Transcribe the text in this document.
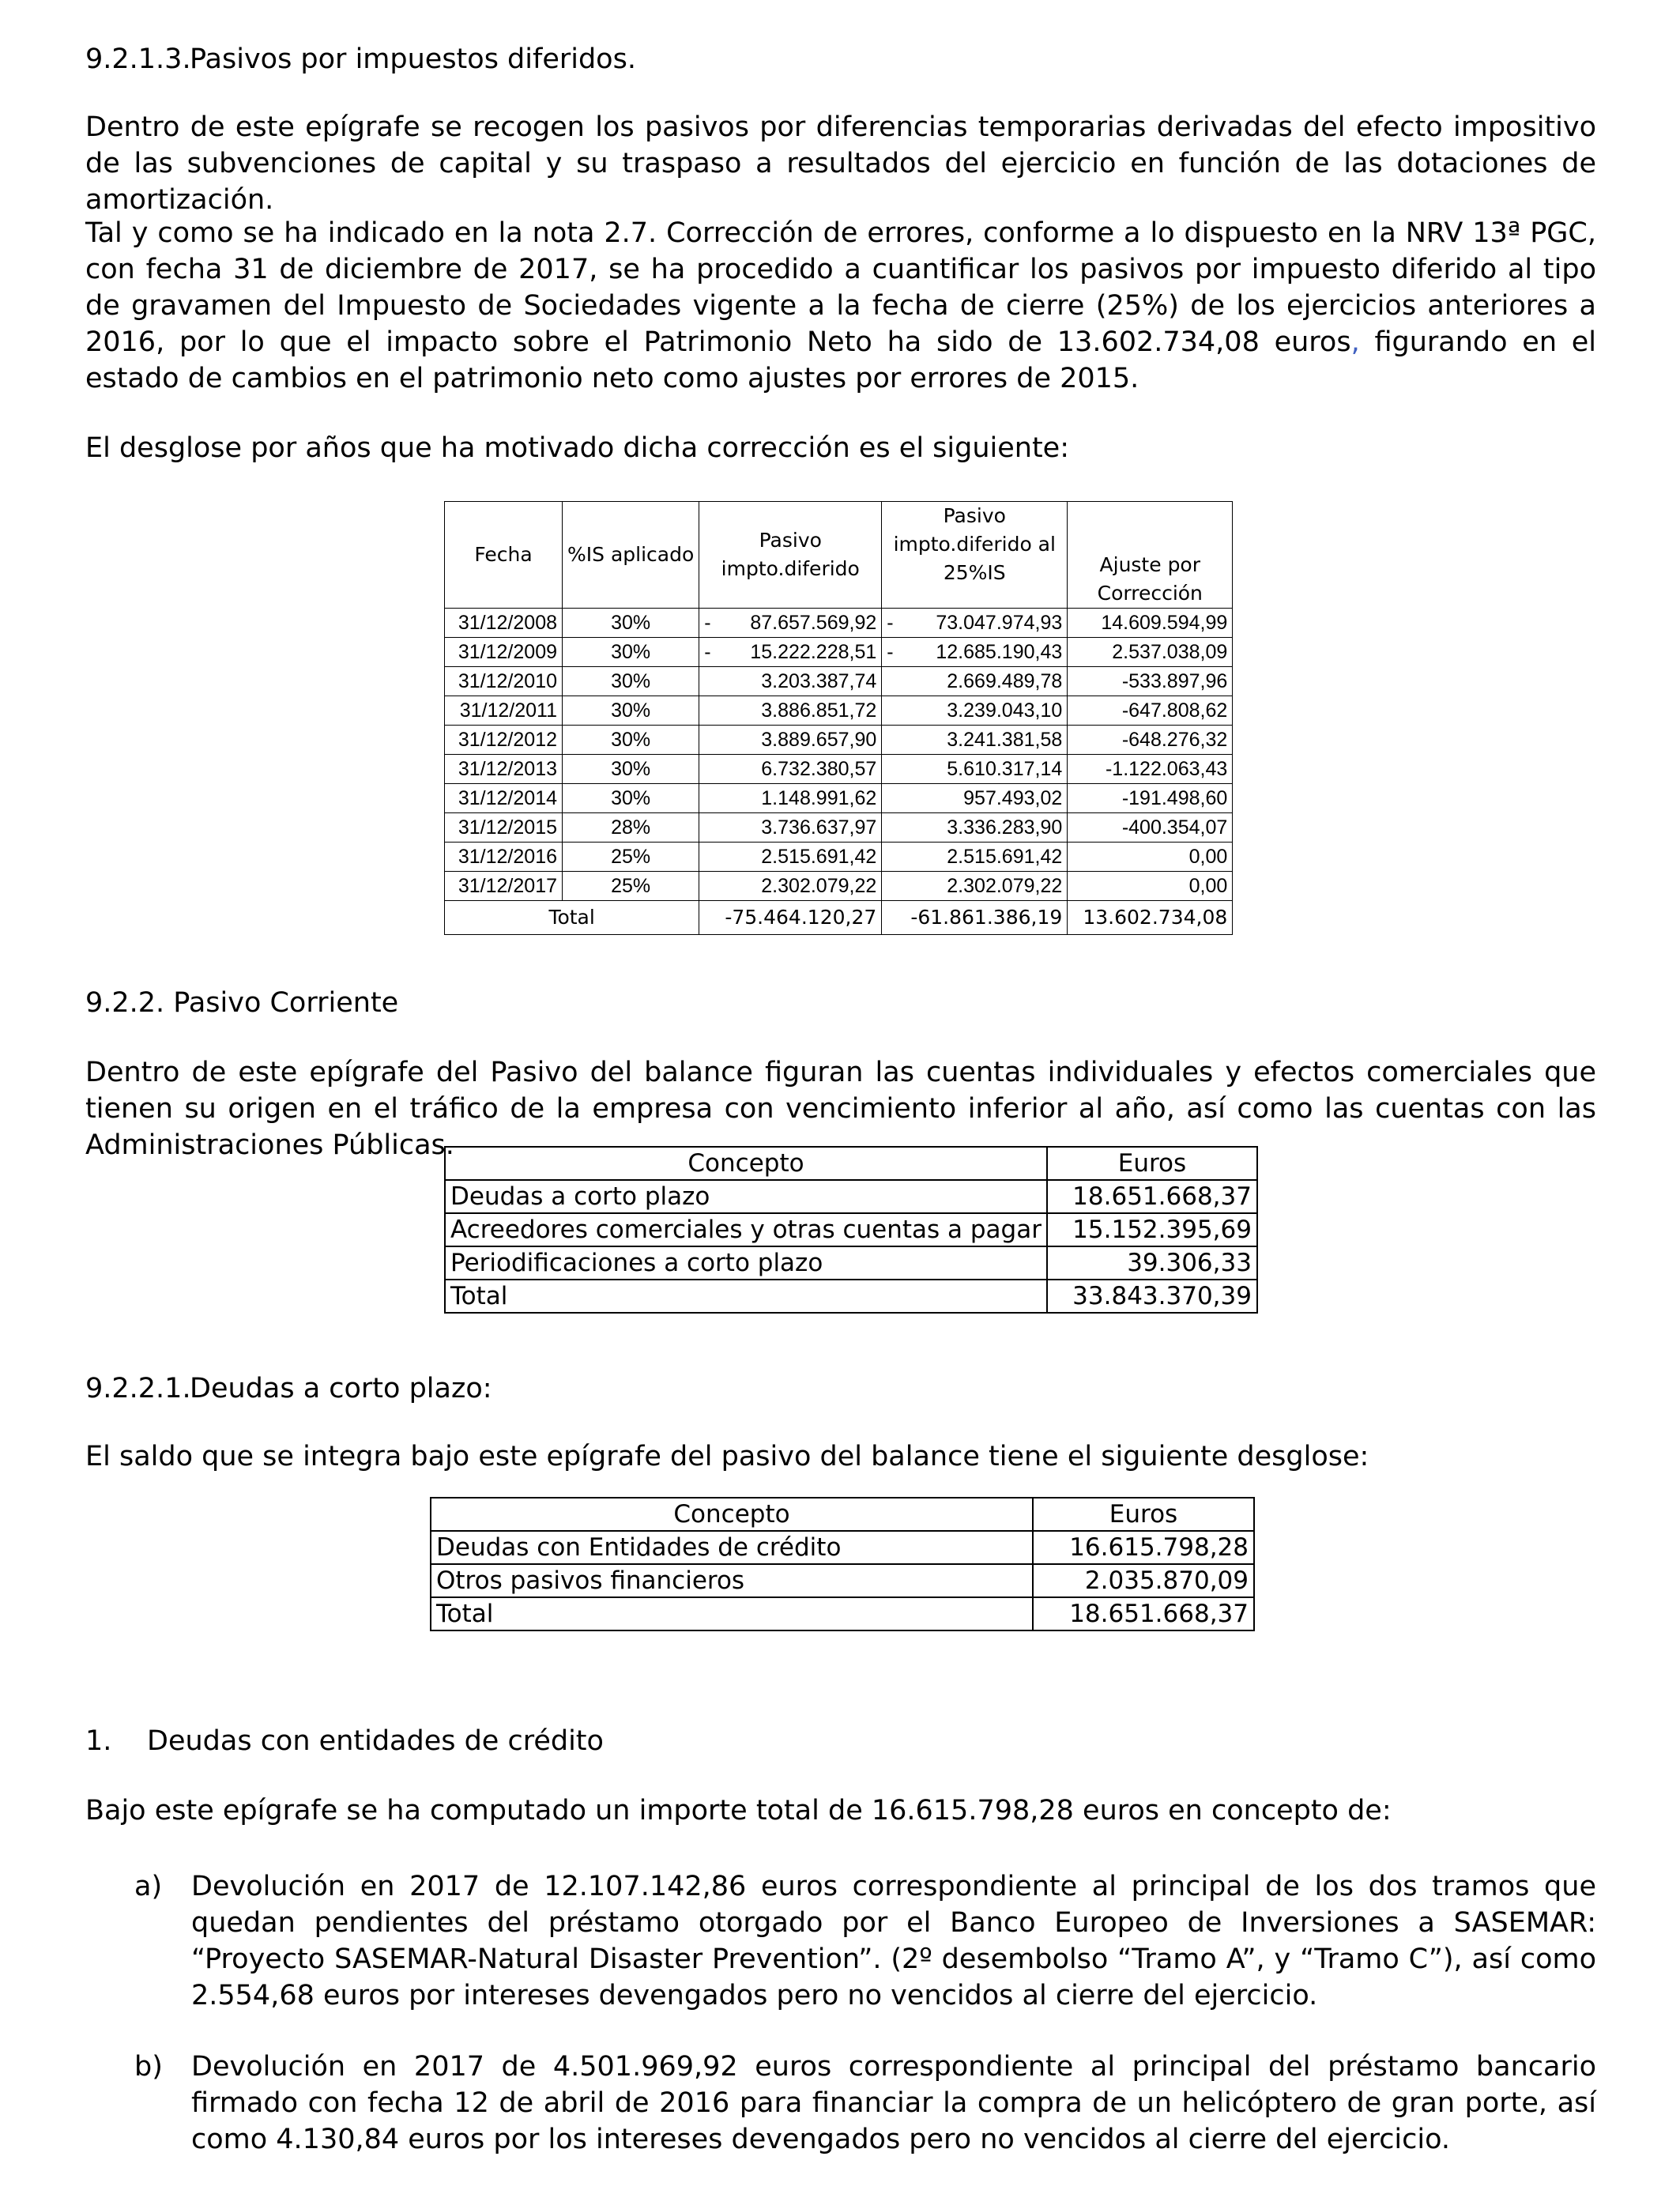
9.2.1.3.Pasivos por impuestos diferidos.

Dentro de este epígrafe se recogen los pasivos por diferencias temporarias derivadas del efecto impositivo de las subvenciones de capital y su traspaso a resultados del ejercicio en función de las dotaciones de amortización.

Tal y como se ha indicado en la nota 2.7. Corrección de errores, conforme a lo dispuesto en la NRV 13ª PGC, con fecha 31 de diciembre de 2017, se ha procedido a cuantificar los pasivos por impuesto diferido al tipo de gravamen del Impuesto de Sociedades vigente a la fecha de cierre (25%) de los ejercicios anteriores a 2016, por lo que el impacto sobre el Patrimonio Neto ha sido de 13.602.734,08 euros, figurando en el estado de cambios en el patrimonio neto como ajustes por errores de 2015.

El desglose por años que ha motivado dicha corrección es el siguiente:

Fecha	%IS aplicado	Pasivo impto.diferido	Pasivo impto.diferido al 25%IS	Ajuste por Corrección
31/12/2008	30%	- 87.657.569,92	- 73.047.974,93	14.609.594,99
31/12/2009	30%	- 15.222.228,51	- 12.685.190,43	2.537.038,09
31/12/2010	30%	3.203.387,74	2.669.489,78	-533.897,96
31/12/2011	30%	3.886.851,72	3.239.043,10	-647.808,62
31/12/2012	30%	3.889.657,90	3.241.381,58	-648.276,32
31/12/2013	30%	6.732.380,57	5.610.317,14	-1.122.063,43
31/12/2014	30%	1.148.991,62	957.493,02	-191.498,60
31/12/2015	28%	3.736.637,97	3.336.283,90	-400.354,07
31/12/2016	25%	2.515.691,42	2.515.691,42	0,00
31/12/2017	25%	2.302.079,22	2.302.079,22	0,00
Total		-75.464.120,27	-61.861.386,19	13.602.734,08
9.2.2. Pasivo Corriente

Dentro de este epígrafe del Pasivo del balance figuran las cuentas individuales y efectos comerciales que tienen su origen en el tráfico de la empresa con vencimiento inferior al año, así como las cuentas con las Administraciones Públicas.

Concepto	Euros
Deudas a corto plazo	18.651.668,37
Acreedores comerciales y otras cuentas a pagar	15.152.395,69
Periodificaciones a corto plazo	39.306,33
Total	33.843.370,39
9.2.2.1.Deudas a corto plazo:

El saldo que se integra bajo este epígrafe del pasivo del balance tiene el siguiente desglose:

Concepto	Euros
Deudas con Entidades de crédito	16.615.798,28
Otros pasivos financieros	2.035.870,09
Total	18.651.668,37
1. Deudas con entidades de crédito

Bajo este epígrafe se ha computado un importe total de 16.615.798,28 euros en concepto de:

a)	Devolución en 2017 de 12.107.142,86 euros correspondiente al principal de los dos tramos que quedan pendientes del préstamo otorgado por el Banco Europeo de Inversiones a SASEMAR: “Proyecto SASEMAR-Natural Disaster Prevention”. (2º desembolso “Tramo A”, y “Tramo C”), así como 2.554,68 euros por intereses devengados pero no vencidos al cierre del ejercicio.
b)	Devolución en 2017 de 4.501.969,92 euros correspondiente al principal del préstamo bancario firmado con fecha 12 de abril de 2016 para financiar la compra de un helicóptero de gran porte, así como 4.130,84 euros por los intereses devengados pero no vencidos al cierre del ejercicio.
